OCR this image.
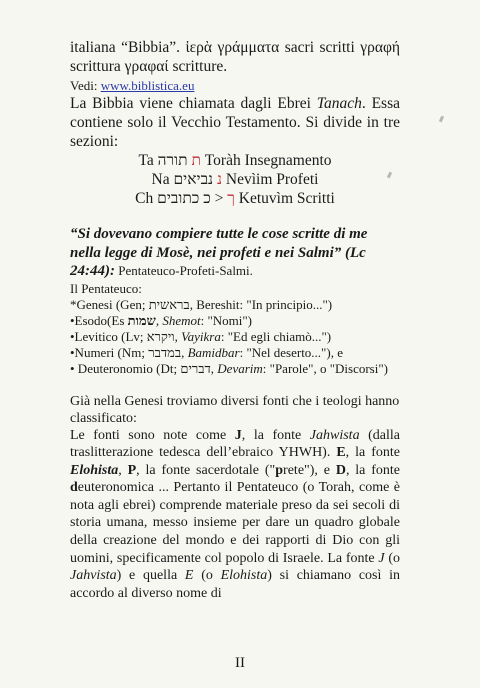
italiana “Bibbia”. ἱερὰ γράμματα sacri scritti γραφή scrittura γραφαί scritture.

Vedi: www.biblistica.eu

La Bibbia viene chiamata dagli Ebrei Tanach. Essa contiene solo il Vecchio Testamento. Si divide in tre sezioni:

Ta תורה ת Toràh Insegnamento
Na נביאים נ Nevìim Profeti
Ch כתובים ך < כ Ketuvìm Scritti

“Si dovevano compiere tutte le cose scritte di me nella legge di Mosè, nei profeti e nei Salmi” (Lc 24:44): Pentateuco-Profeti-Salmi.

Il Pentateuco:
*Genesi (Gen; בראשית, Bereshit: "In principio...")
•Esodo(Es שמות, Shemot: "Nomi")
•Levitico (Lv; ויקרא, Vayikra: "Ed egli chiamò...")
•Numeri (Nm; במדבר, Bamidbar: "Nel deserto..."), e
• Deuteronomio (Dt; דברים, Devarim: "Parole", o "Discorsi")

Già nella Genesi troviamo diversi fonti che i teologi hanno classificato:

Le fonti sono note come J, la fonte Jahwista (dalla traslitterazione tedesca dell’ebraico YHWH). E, la fonte Elohista, P, la fonte sacerdotale ("prete"), e D, la fonte deuteronomica ... Pertanto il Pentateuco (o Torah, come è nota agli ebrei) comprende materiale preso da sei secoli di storia umana, messo insieme per dare un quadro globale della creazione del mondo e dei rapporti di Dio con gli uomini, specificamente col popolo di Israele. La fonte J (o Jahvista) e quella E (o Elohista) si chiamano così in accordo al diverso nome di

II
